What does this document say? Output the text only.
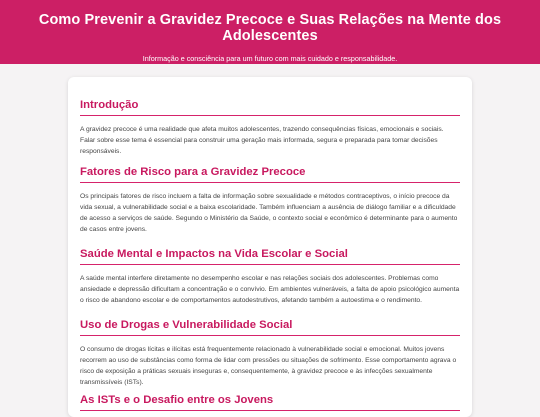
Como Prevenir a Gravidez Precoce e Suas Relações na Mente dos Adolescentes

Informação e consciência para um futuro com mais cuidado e responsabilidade.

Introdução

A gravidez precoce é uma realidade que afeta muitos adolescentes, trazendo consequências físicas, emocionais e sociais. Falar sobre esse tema é essencial para construir uma geração mais informada, segura e preparada para tomar decisões responsáveis.

Fatores de Risco para a Gravidez Precoce

Os principais fatores de risco incluem a falta de informação sobre sexualidade e métodos contraceptivos, o início precoce da vida sexual, a vulnerabilidade social e a baixa escolaridade. Também influenciam a ausência de diálogo familiar e a dificuldade de acesso a serviços de saúde. Segundo o Ministério da Saúde, o contexto social e econômico é determinante para o aumento de casos entre jovens.

Saúde Mental e Impactos na Vida Escolar e Social

A saúde mental interfere diretamente no desempenho escolar e nas relações sociais dos adolescentes. Problemas como ansiedade e depressão dificultam a concentração e o convívio. Em ambientes vulneráveis, a falta de apoio psicológico aumenta o risco de abandono escolar e de comportamentos autodestrutivos, afetando também a autoestima e o rendimento.

Uso de Drogas e Vulnerabilidade Social

O consumo de drogas lícitas e ilícitas está frequentemente relacionado à vulnerabilidade social e emocional. Muitos jovens recorrem ao uso de substâncias como forma de lidar com pressões ou situações de sofrimento. Esse comportamento agrava o risco de exposição a práticas sexuais inseguras e, consequentemente, à gravidez precoce e às infecções sexualmente transmissíveis (ISTs).

As ISTs e o Desafio entre os Jovens
